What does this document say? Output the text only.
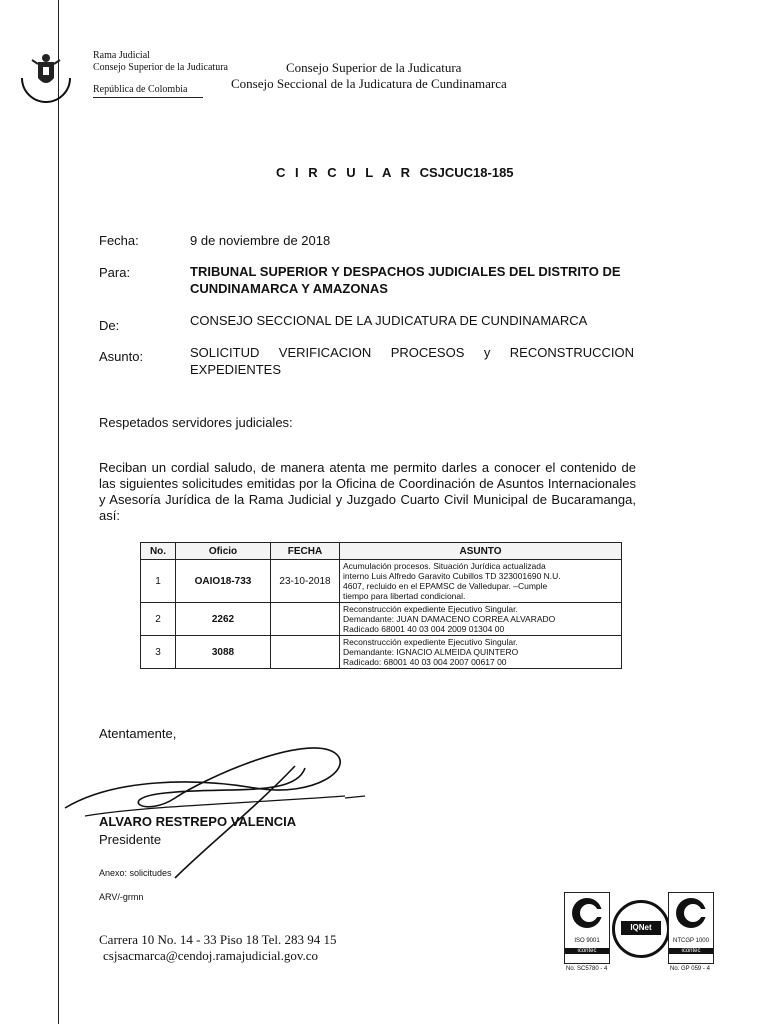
Rama Judicial
Consejo Superior de la Judicatura
República de Colombia
Consejo Superior de la Judicatura
Consejo Seccional de la Judicatura de Cundinamarca
C I R C U L A R CSJCUC18-185
Fecha:	9 de noviembre de 2018
Para:	TRIBUNAL SUPERIOR Y DESPACHOS JUDICIALES DEL DISTRITO DE
CUNDINAMARCA Y AMAZONAS
De:	CONSEJO SECCIONAL DE LA JUDICATURA DE CUNDINAMARCA
Asunto:	SOLICITUD VERIFICACION PROCESOS y RECONSTRUCCION
EXPEDIENTES
Respetados servidores judiciales:
Reciban un cordial saludo, de manera atenta me permito darles a conocer el contenido de las siguientes solicitudes emitidas por la Oficina de Coordinación de Asuntos Internacionales y Asesoría Jurídica de la Rama Judicial y Juzgado Cuarto Civil Municipal de Bucaramanga, así:
No.	Oficio	FECHA	ASUNTO
1	OAIO18-733	23-10-2018	Acumulación procesos. Situación Jurídica actualizada
interno Luis Alfredo Garavito Cubillos TD 323001690 N.U.
4607, recluido en el EPAMSC de Valledupar. –Cumple
tiempo para libertad condicional.

2	2262		Reconstrucción expediente Ejecutivo Singular.
Demandante: JUAN DAMACENO CORREA ALVARADO
Radicado 68001 40 03 004 2009 01304 00

3	3088		Reconstrucción expediente Ejecutivo Singular.
Demandante: IGNACIO ALMEIDA QUINTERO
Radicado: 68001 40 03 004 2007 00617 00
Atentamente,
ALVARO RESTREPO VALENCIA
Presidente
Anexo: solicitudes
ARV/-grmn
Carrera 10 No. 14 - 33 Piso 18 Tel. 283 94 15
csjsacmarca@cendoj.ramajudicial.gov.co
ISO 9001
icontec
No. SC5780 - 4
IQNet
NTCGP 1000
icontec
No. GP 059 - 4
